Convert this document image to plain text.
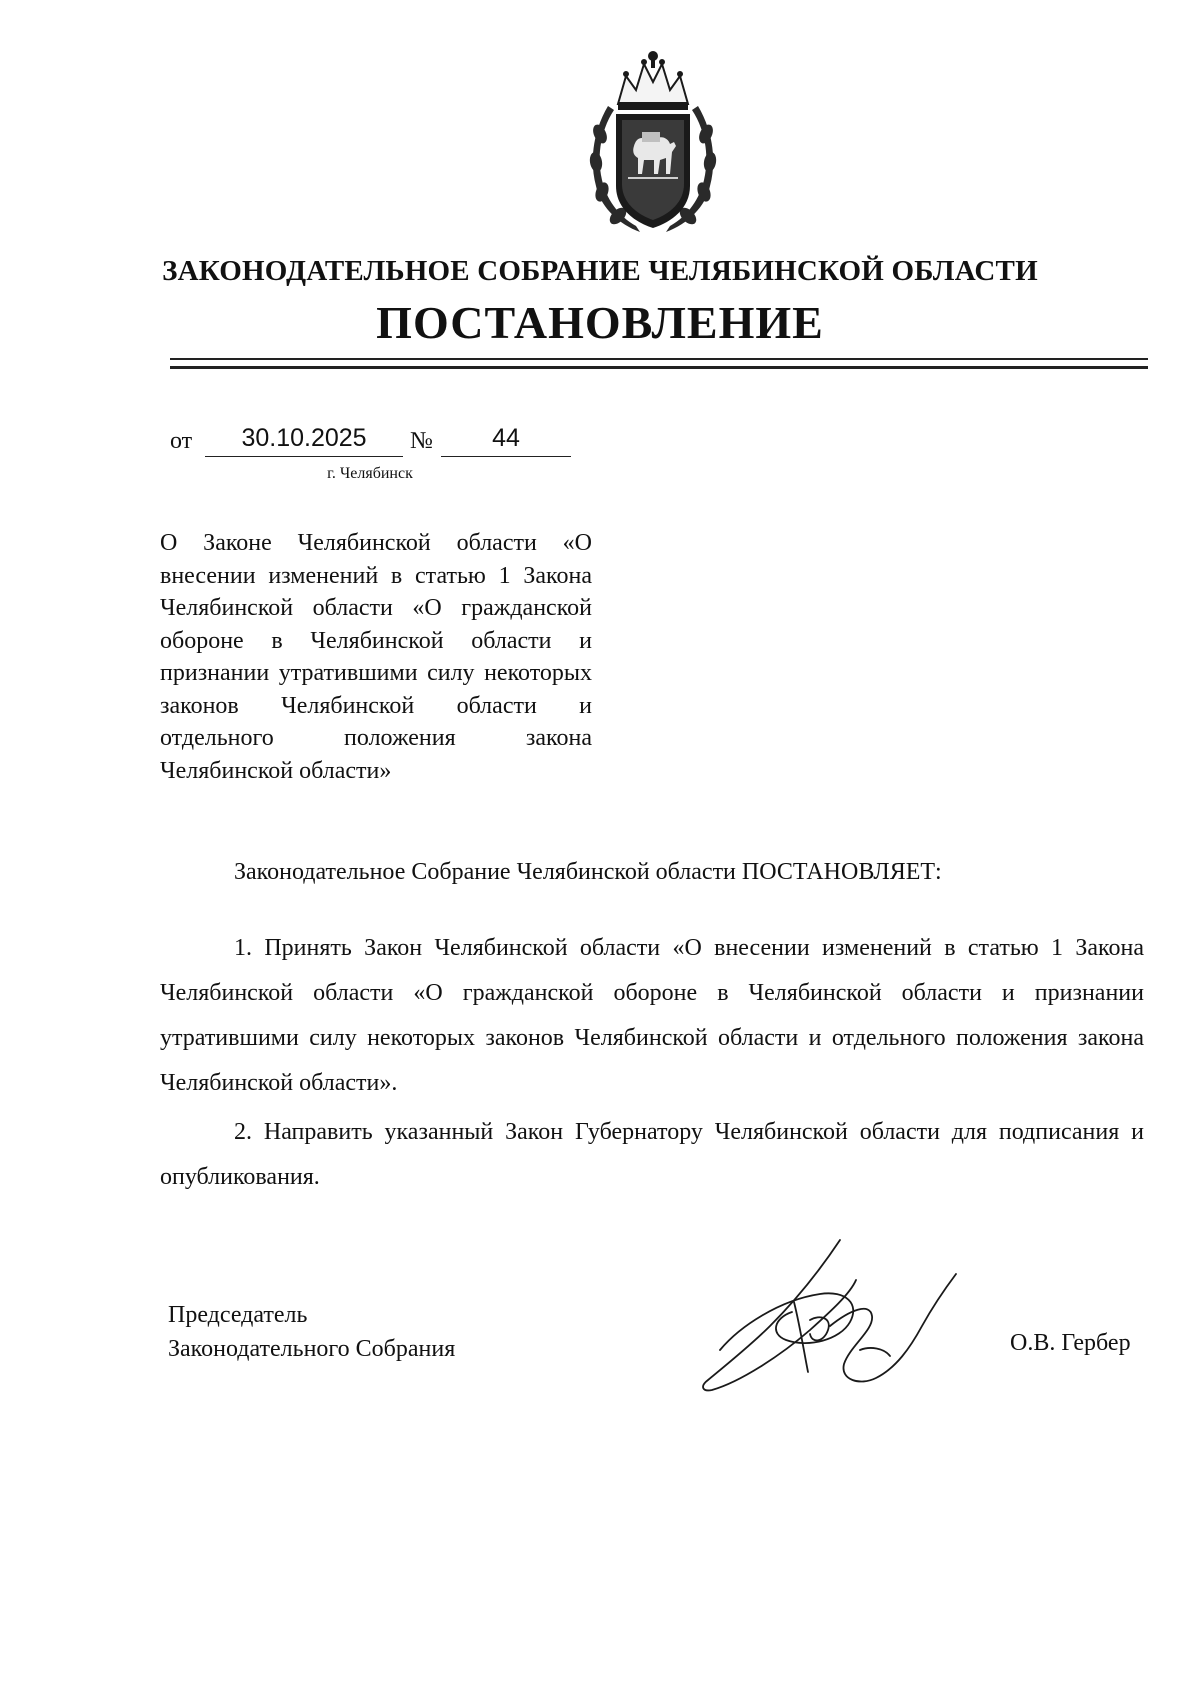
ЗАКОНОДАТЕЛЬНОЕ СОБРАНИЕ ЧЕЛЯБИНСКОЙ ОБЛАСТИ
ПОСТАНОВЛЕНИЕ
от	30.10.2025	№	44
г. Челябинск
О Законе Челябинской области «О внесении изменений в статью 1 Закона Челябинской области «О гражданской обороне в Челябинской области и признании утратившими силу некоторых законов Челябинской области и отдельного положения закона Челябинской области»
Законодательное Собрание Челябинской области ПОСТАНОВЛЯЕТ:
1. Принять Закон Челябинской области «О внесении изменений в статью 1 Закона Челябинской области «О гражданской обороне в Челябинской области и признании утратившими силу некоторых законов Челябинской области и отдельного положения закона Челябинской области».
2. Направить указанный Закон Губернатору Челябинской области для подписания и опубликования.
Председатель
Законодательного Собрания	О.В. Гербер
